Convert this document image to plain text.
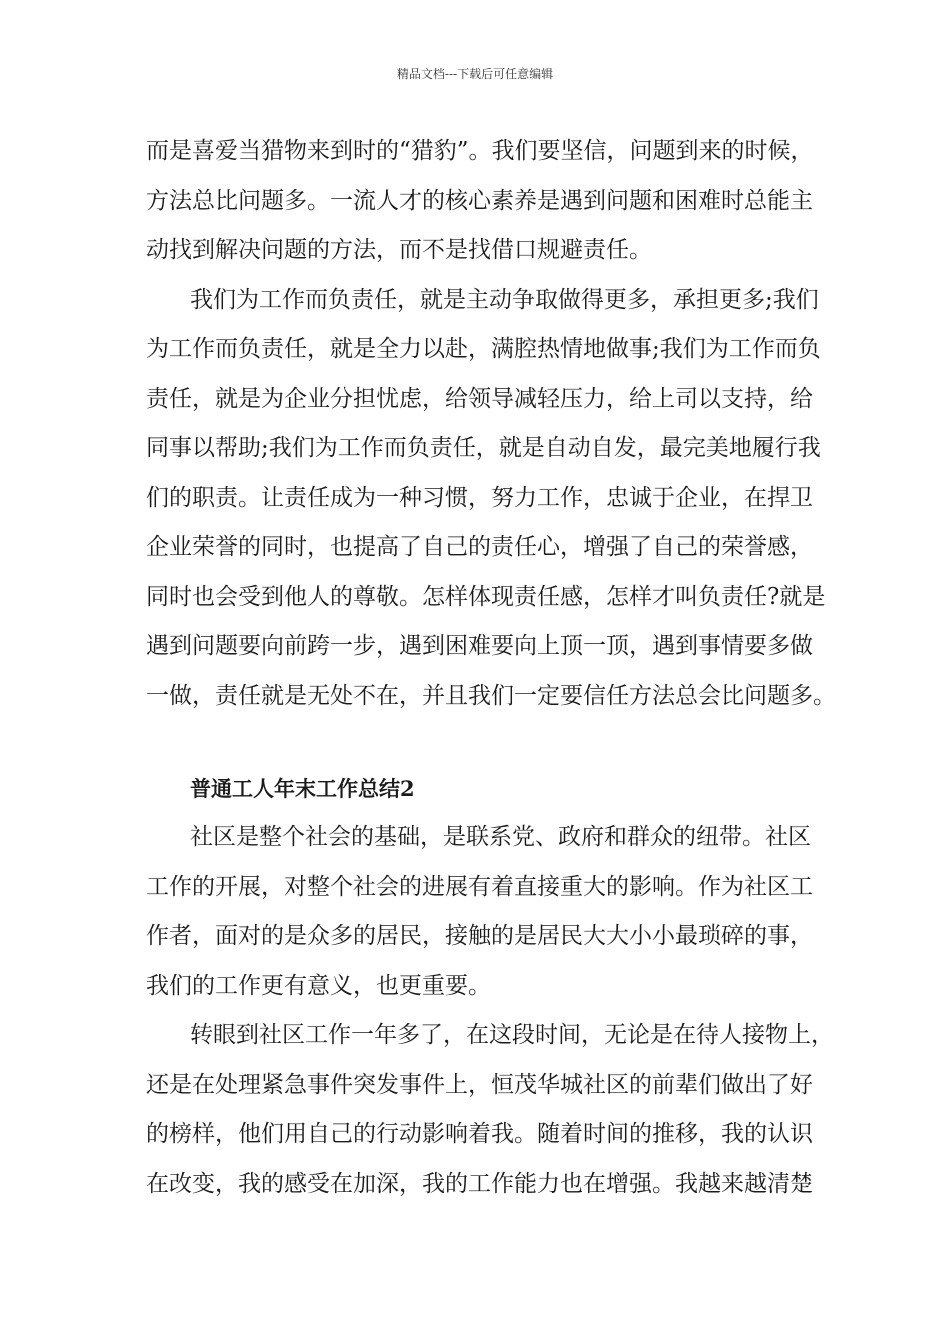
精品文档---下载后可任意编辑

而是喜爱当猎物来到时的“猎豹”。我们要坚信，问题到来的时候，
方法总比问题多。一流人才的核心素养是遇到问题和困难时总能主
动找到解决问题的方法，而不是找借口规避责任。

我们为工作而负责任，就是主动争取做得更多，承担更多;我们
为工作而负责任，就是全力以赴，满腔热情地做事;我们为工作而负
责任，就是为企业分担忧虑，给领导减轻压力，给上司以支持，给
同事以帮助;我们为工作而负责任，就是自动自发，最完美地履行我
们的职责。让责任成为一种习惯，努力工作，忠诚于企业，在捍卫
企业荣誉的同时，也提高了自己的责任心，增强了自己的荣誉感，
同时也会受到他人的尊敬。怎样体现责任感，怎样才叫负责任?就是
遇到问题要向前跨一步，遇到困难要向上顶一顶，遇到事情要多做
一做，责任就是无处不在，并且我们一定要信任方法总会比问题多。

普通工人年末工作总结2

社区是整个社会的基础，是联系党、政府和群众的纽带。社区
工作的开展，对整个社会的进展有着直接重大的影响。作为社区工
作者，面对的是众多的居民，接触的是居民大大小小最琐碎的事，
我们的工作更有意义，也更重要。

转眼到社区工作一年多了，在这段时间，无论是在待人接物上，
还是在处理紧急事件突发事件上，恒茂华城社区的前辈们做出了好
的榜样，他们用自己的行动影响着我。随着时间的推移，我的认识
在改变，我的感受在加深，我的工作能力也在增强。我越来越清楚
